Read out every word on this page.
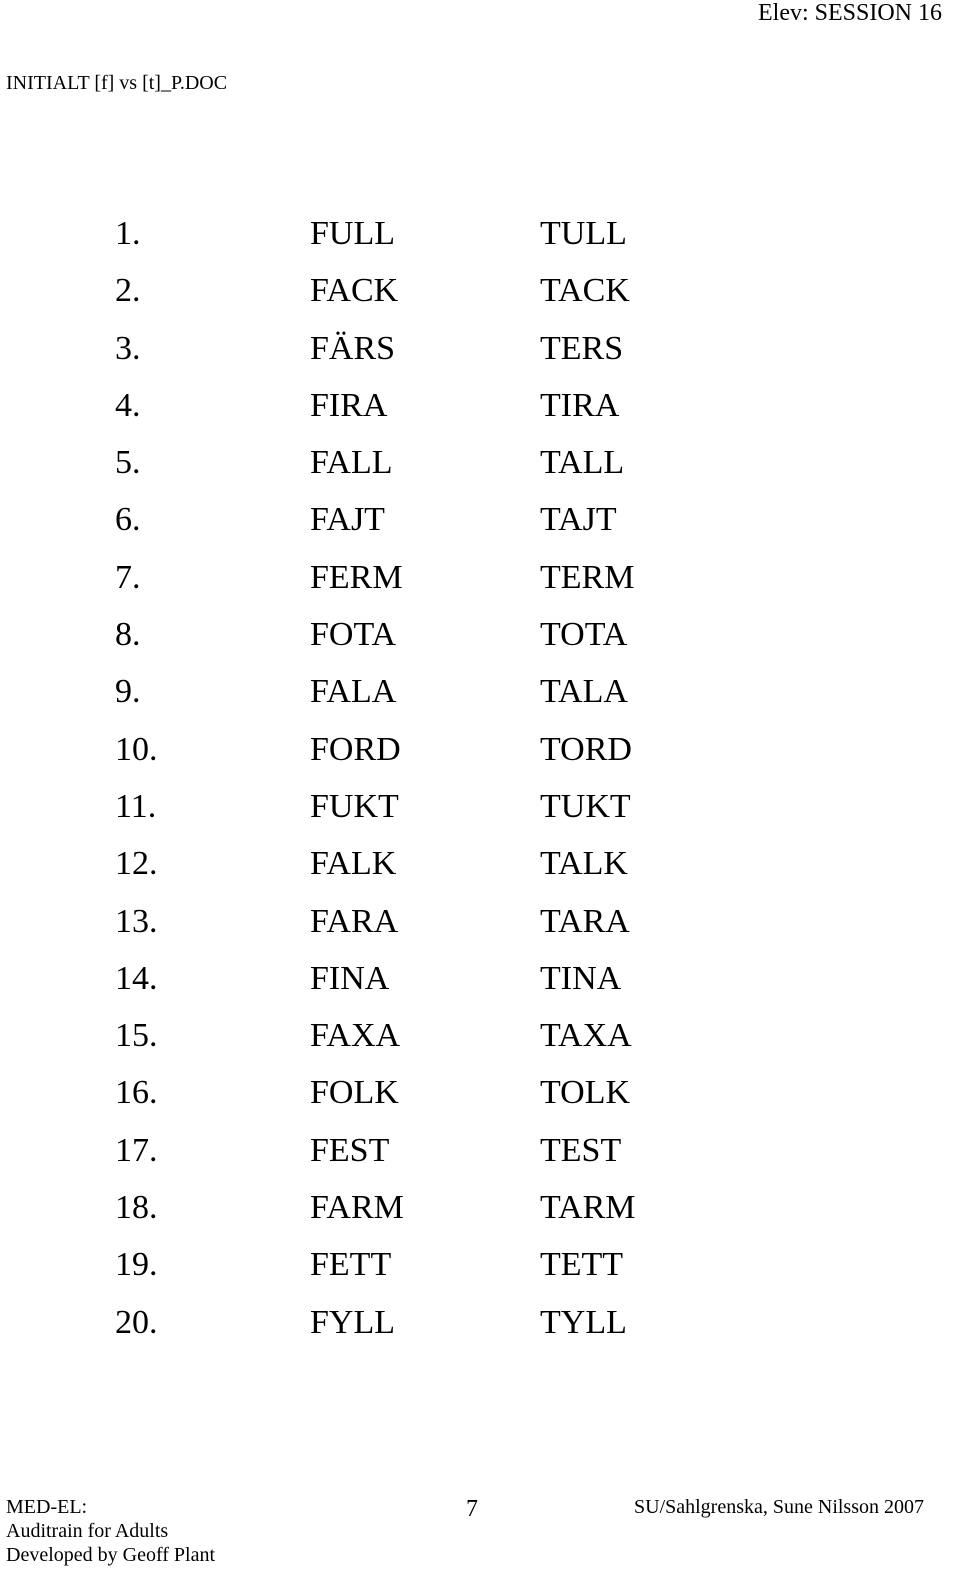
Elev: SESSION 16
INITIALT [f] vs [t]_P.DOC
1.	FULL	TULL
2.	FACK	TACK
3.	FÄRS	TERS
4.	FIRA	TIRA
5.	FALL	TALL
6.	FAJT	TAJT
7.	FERM	TERM
8.	FOTA	TOTA
9.	FALA	TALA
10.	FORD	TORD
11.	FUKT	TUKT
12.	FALK	TALK
13.	FARA	TARA
14.	FINA	TINA
15.	FAXA	TAXA
16.	FOLK	TOLK
17.	FEST	TEST
18.	FARM	TARM
19.	FETT	TETT
20.	FYLL	TYLL
MED-EL:
Auditrain for Adults
Developed by Geoff Plant
7	SU/Sahlgrenska, Sune Nilsson 2007
